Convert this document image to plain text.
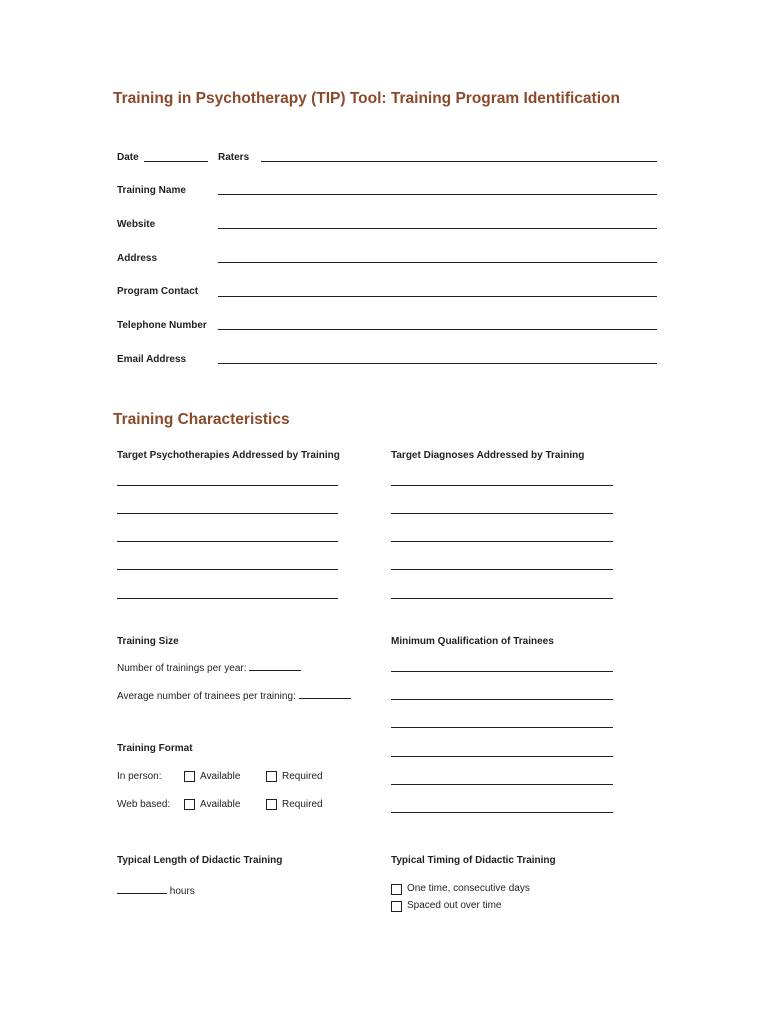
Training in Psychotherapy (TIP) Tool: Training Program Identification
Date	Raters
Training Name
Website
Address
Program Contact
Telephone Number
Email Address
Training Characteristics
Target Psychotherapies Addressed by Training	Target Diagnoses Addressed by Training
Training Size
Number of trainings per year:
Average number of trainees per training:
Minimum Qualification of Trainees
Training Format
In person:	Available	Required
Web based:	Available	Required
Typical Length of Didactic Training
hours
Typical Timing of Didactic Training
One time, consecutive days
Spaced out over time
